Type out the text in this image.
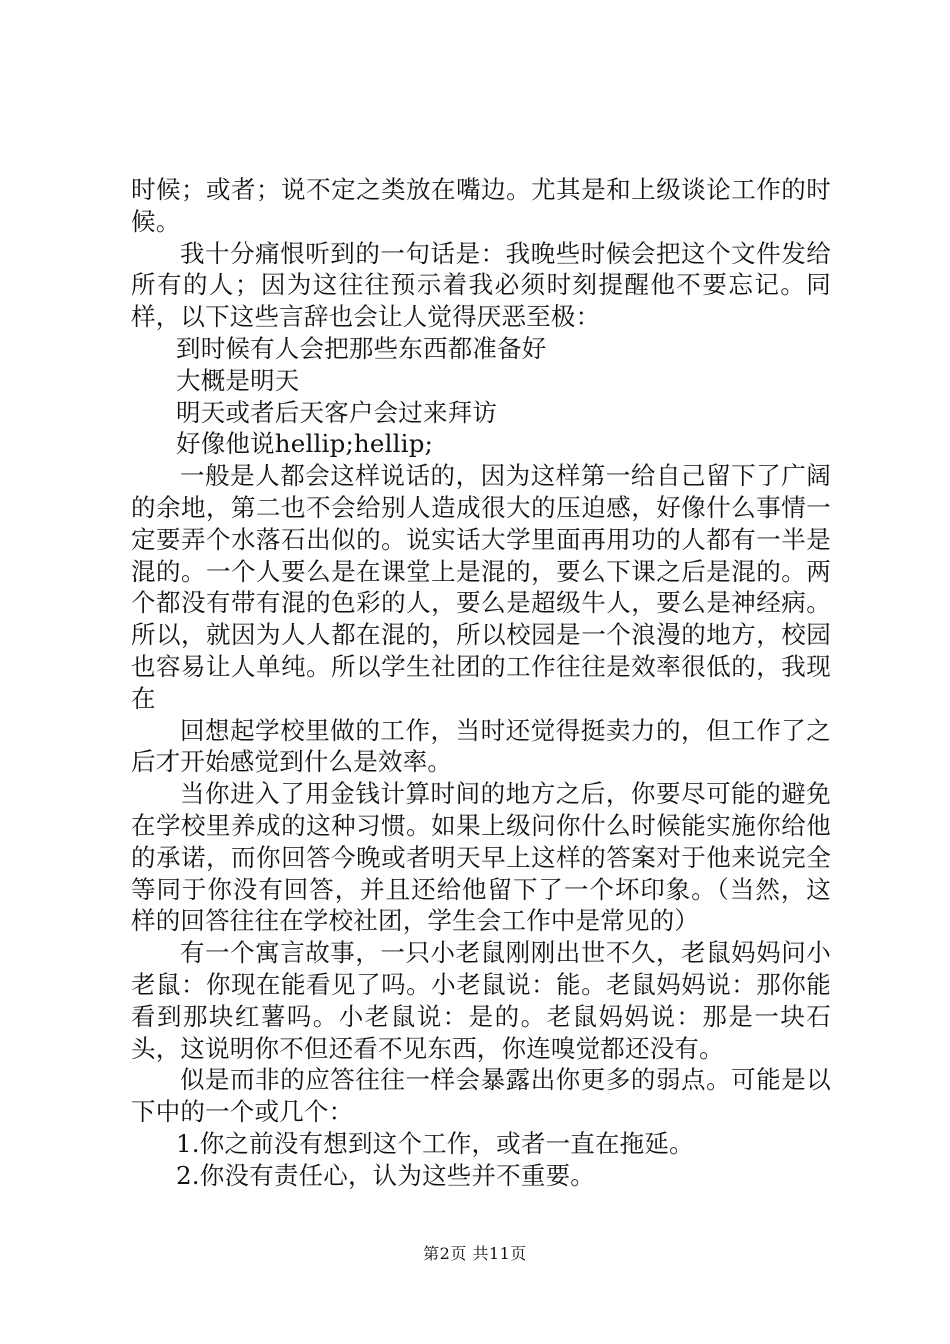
时候；或者；说不定之类放在嘴边。尤其是和上级谈论工作的时候。

我十分痛恨听到的一句话是：我晚些时候会把这个文件发给所有的人；因为这往往预示着我必须时刻提醒他不要忘记。同样，以下这些言辞也会让人觉得厌恶至极：

到时候有人会把那些东西都准备好

大概是明天

明天或者后天客户会过来拜访

好像他说hellip;hellip;

一般是人都会这样说话的，因为这样第一给自己留下了广阔的余地，第二也不会给别人造成很大的压迫感，好像什么事情一定要弄个水落石出似的。说实话大学里面再用功的人都有一半是混的。一个人要么是在课堂上是混的，要么下课之后是混的。两个都没有带有混的色彩的人，要么是超级牛人，要么是神经病。所以，就因为人人都在混的，所以校园是一个浪漫的地方，校园也容易让人单纯。所以学生社团的工作往往是效率很低的，我现在

回想起学校里做的工作，当时还觉得挺卖力的，但工作了之后才开始感觉到什么是效率。

当你进入了用金钱计算时间的地方之后，你要尽可能的避免在学校里养成的这种习惯。如果上级问你什么时候能实施你给他的承诺，而你回答今晚或者明天早上这样的答案对于他来说完全等同于你没有回答，并且还给他留下了一个坏印象。（当然，这样的回答往往在学校社团，学生会工作中是常见的）

有一个寓言故事，一只小老鼠刚刚出世不久，老鼠妈妈问小老鼠：你现在能看见了吗。小老鼠说：能。老鼠妈妈说：那你能看到那块红薯吗。小老鼠说：是的。老鼠妈妈说：那是一块石头，这说明你不但还看不见东西，你连嗅觉都还没有。

似是而非的应答往往一样会暴露出你更多的弱点。可能是以下中的一个或几个：

1.你之前没有想到这个工作，或者一直在拖延。

2.你没有责任心，认为这些并不重要。

第2页 共11页
